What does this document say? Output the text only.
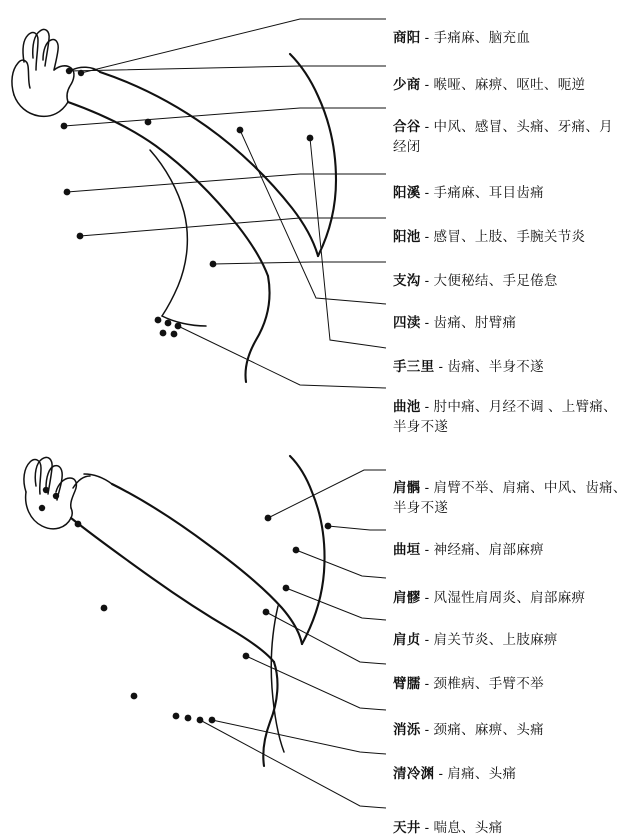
商阳 - 手痛麻、脑充血

少商 - 喉哑、麻痹、呕吐、呃逆

合谷 - 中风、感冒、头痛、牙痛、月经闭

阳溪 - 手痛麻、耳目齿痛

阳池 - 感冒、上肢、手腕关节炎

支沟 - 大便秘结、手足倦怠

四渎 - 齿痛、肘臂痛

手三里 - 齿痛、半身不遂

曲池 - 肘中痛、月经不调 、上臂痛、半身不遂

肩髃 - 肩臂不举、肩痛、中风、齿痛、半身不遂

曲垣 - 神经痛、肩部麻痹

肩髎 - 风湿性肩周炎、肩部麻痹

肩贞 - 肩关节炎、上肢麻痹

臂臑 - 颈椎病、手臂不举

消泺 - 颈痛、麻痹、头痛

清冷渊 - 肩痛、头痛

天井 - 喘息、头痛
